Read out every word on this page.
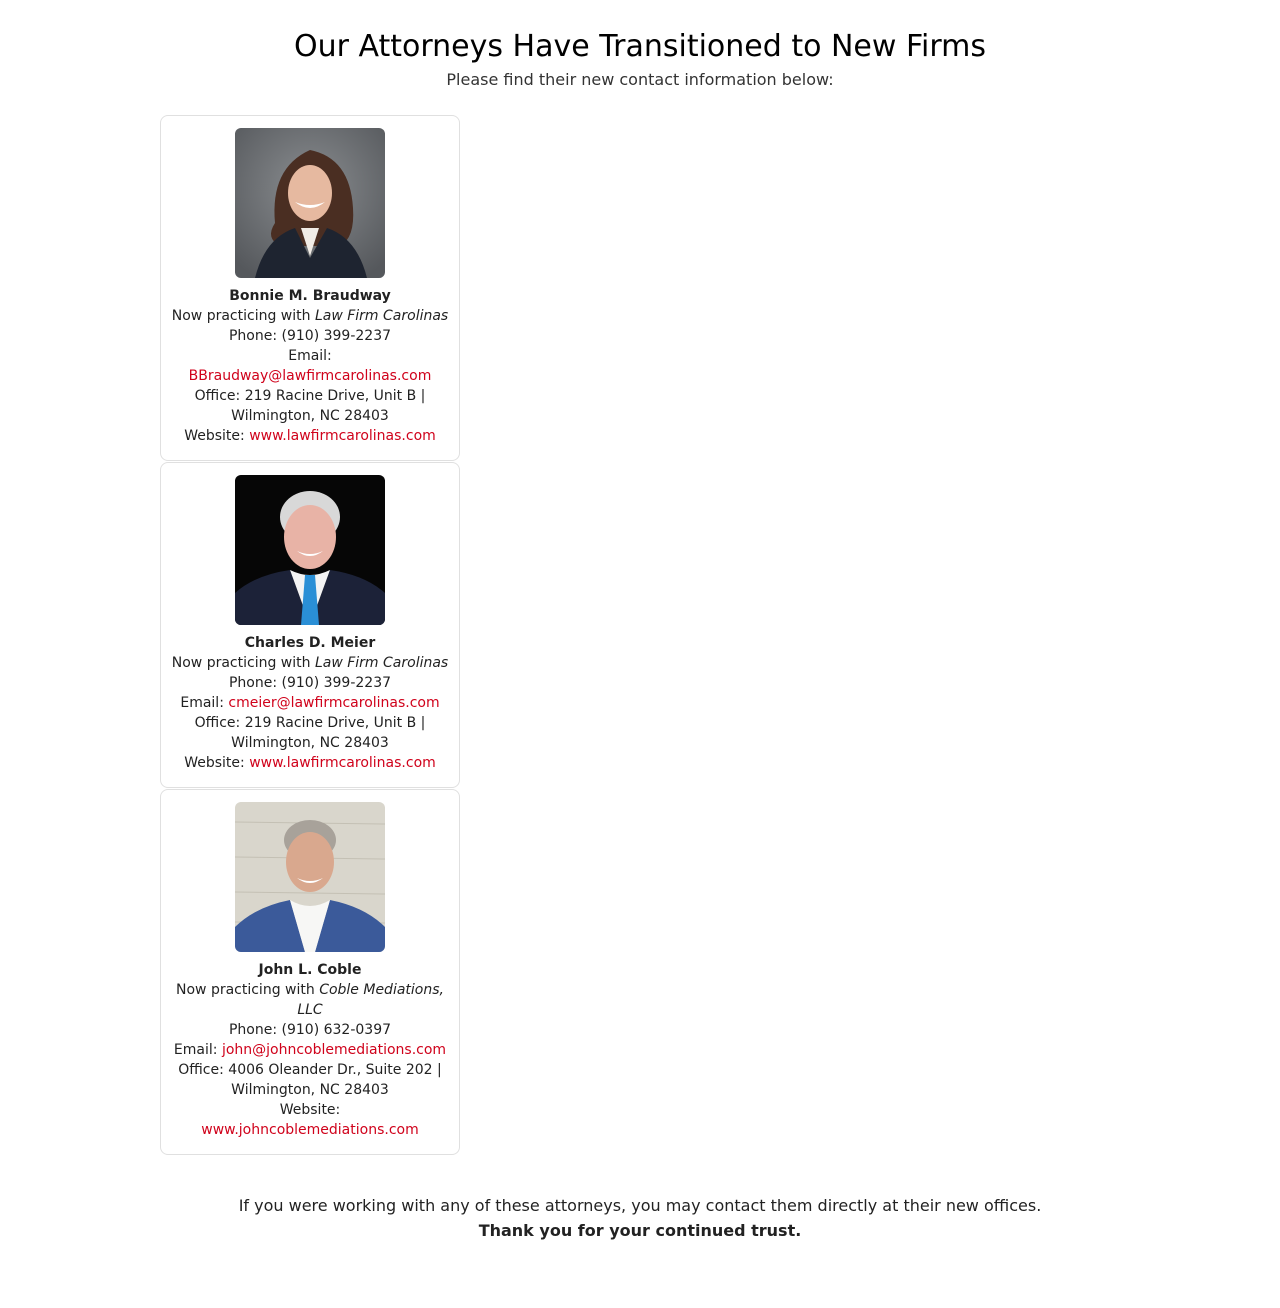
Our Attorneys Have Transitioned to New Firms

Please find their new contact information below:

Bonnie M. Braudway
Now practicing with Law Firm Carolinas
Phone: (910) 399-2237
Email: BBraudway@lawfirmcarolinas.com
Office: 219 Racine Drive, Unit B | Wilmington, NC 28403
Website: www.lawfirmcarolinas.com
Charles D. Meier
Now practicing with Law Firm Carolinas
Phone: (910) 399-2237
Email: cmeier@lawfirmcarolinas.com
Office: 219 Racine Drive, Unit B | Wilmington, NC 28403
Website: www.lawfirmcarolinas.com
John L. Coble
Now practicing with Coble Mediations, LLC
Phone: (910) 632-0397
Email: john@johncoblemediations.com
Office: 4006 Oleander Dr., Suite 202 | Wilmington, NC 28403
Website: www.johncoblemediations.com
If you were working with any of these attorneys, you may contact them directly at their new offices.
Thank you for your continued trust.
